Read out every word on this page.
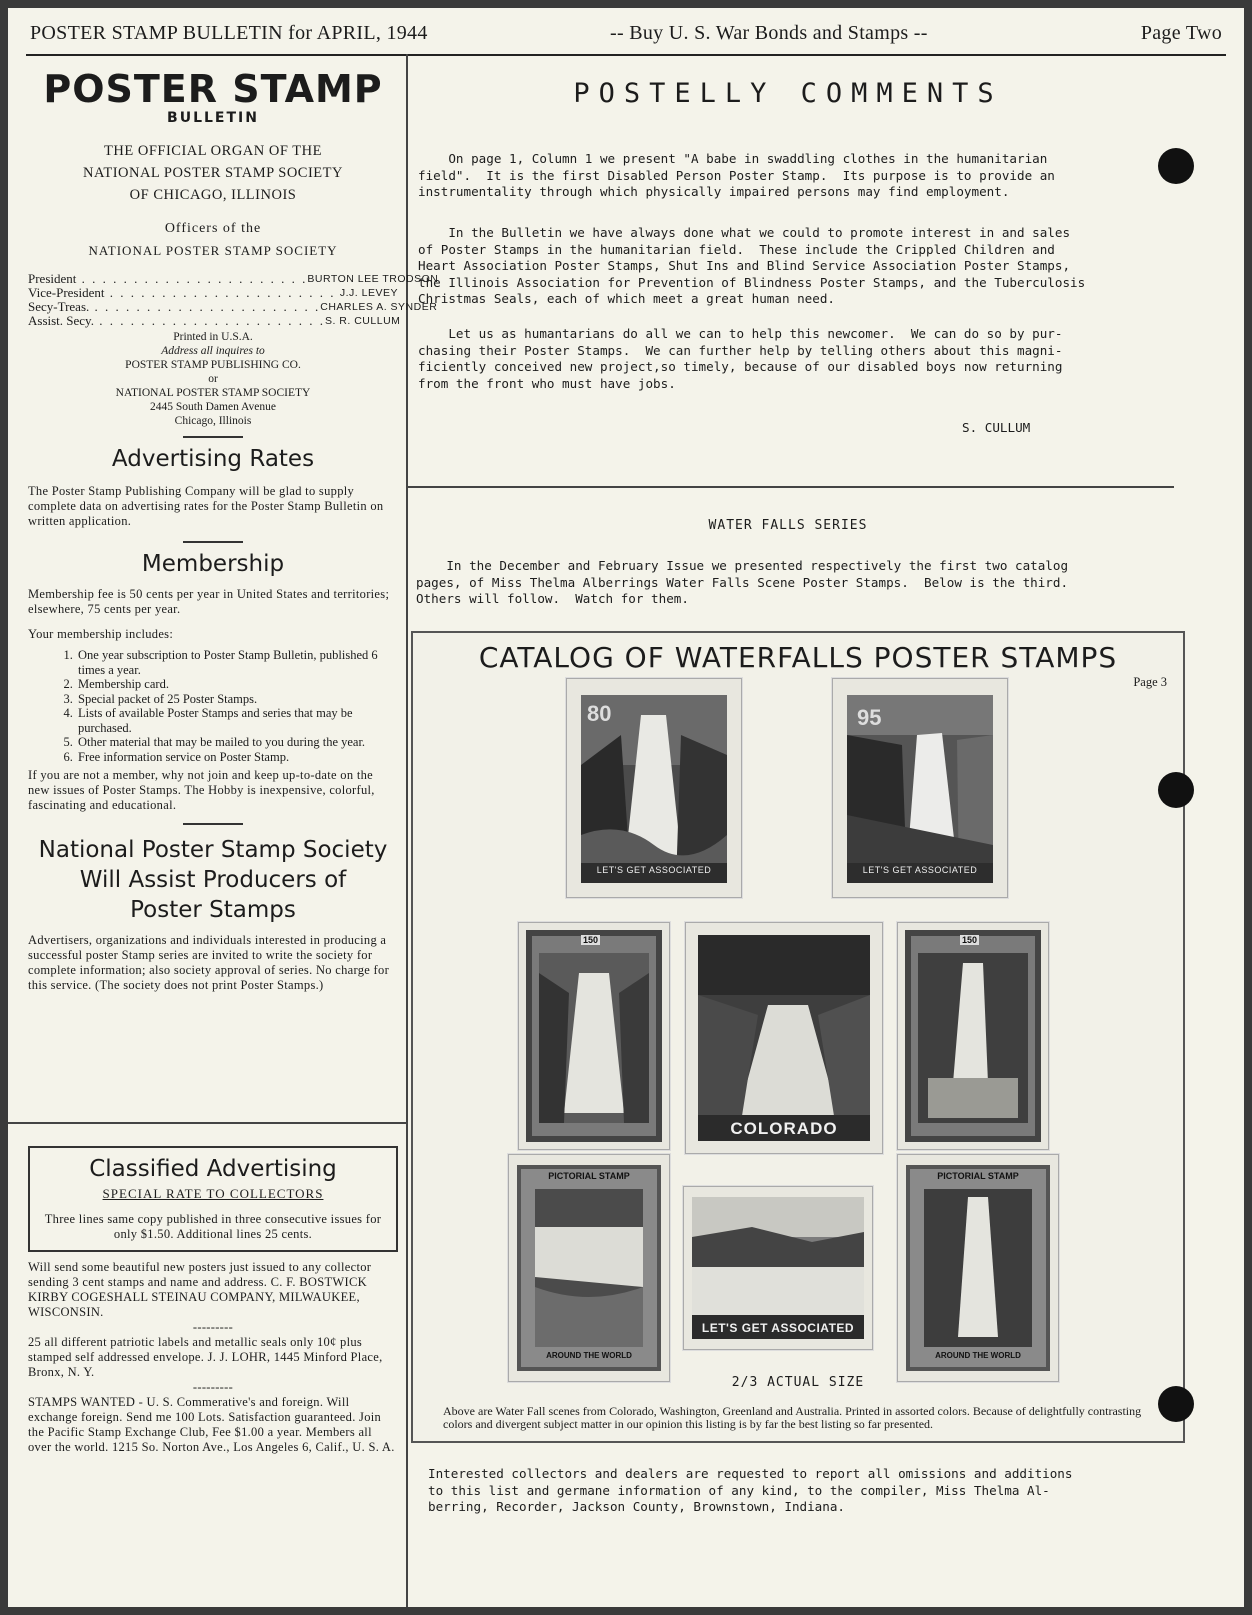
POSTER STAMP BULLETIN for APRIL, 1944	-- Buy U. S. War Bonds and Stamps --	Page Two
POSTER STAMP
BULLETIN
THE OFFICIAL ORGAN OF THE
NATIONAL POSTER STAMP SOCIETY
OF CHICAGO, ILLINOIS
Officers of the
NATIONAL POSTER STAMP SOCIETY
President . . . . . . . . . . . . . . . . . . . . . . BURTON LEE TRODSON
Vice-President . . . . . . . . . . . . . . . . . . . . . . J.J. LEVEY
Secy-Treas. . . . . . . . . . . . . . . . . . . . . . . CHARLES A. SYNDER
Assist. Secy. . . . . . . . . . . . . . . . . . . . . . . S. R. CULLUM
Printed in U.S.A.
Address all inquires to
POSTER STAMP PUBLISHING CO.
or
NATIONAL POSTER STAMP SOCIETY
2445 South Damen Avenue
Chicago, Illinois
Advertising Rates
The Poster Stamp Publishing Company will be glad to supply complete data on advertising rates for the Poster Stamp Bulletin on written application.
Membership
Membership fee is 50 cents per year in United States and territories; elsewhere, 75 cents per year.
Your membership includes:
1. One year subscription to Poster Stamp Bulletin, published 6 times a year.
2. Membership card.
3. Special packet of 25 Poster Stamps.
4. Lists of available Poster Stamps and series that may be purchased.
5. Other material that may be mailed to you during the year.
6. Free information service on Poster Stamp.
If you are not a member, why not join and keep up-to-date on the new issues of Poster Stamps. The Hobby is inexpensive, colorful, fascinating and educational.
National Poster Stamp Society
Will Assist Producers of
Poster Stamps
Advertisers, organizations and individuals interested in producing a successful poster Stamp series are invited to write the society for complete information; also society approval of series. No charge for this service. (The society does not print Poster Stamps.)
Classified Advertising
SPECIAL RATE TO COLLECTORS
Three lines same copy published in three consecutive issues for only $1.50. Additional lines 25 cents.
Will send some beautiful new posters just issued to any collector sending 3 cent stamps and name and address. C. F. BOSTWICK KIRBY COGESHALL STEINAU COMPANY, MILWAUKEE, WISCONSIN.
---------
25 all different patriotic labels and metallic seals only 10¢ plus stamped self addressed envelope. J. J. LOHR, 1445 Minford Place, Bronx, N. Y.
---------
STAMPS WANTED - U. S. Commerative's and foreign. Will exchange foreign. Send me 100 Lots. Satisfaction guaranteed. Join the Pacific Stamp Exchange Club, Fee $1.00 a year. Members all over the world. 1215 So. Norton Ave., Los Angeles 6, Calif., U. S. A.
POSTELLY COMMENTS
On page 1, Column 1 we present "A babe in swaddling clothes in the humanitarian
field".  It is the first Disabled Person Poster Stamp.  Its purpose is to provide an
instrumentality through which physically impaired persons may find employment.
In the Bulletin we have always done what we could to promote interest in and sales
of Poster Stamps in the humanitarian field.  These include the Crippled Children and
Heart Association Poster Stamps, Shut Ins and Blind Service Association Poster Stamps,
the Illinois Association for Prevention of Blindness Poster Stamps, and the Tuberculosis
Christmas Seals, each of which meet a great human need.
Let us as humantarians do all we can to help this newcomer.  We can do so by pur-
chasing their Poster Stamps.  We can further help by telling others about this magni-
ficiently conceived new project,so timely, because of our disabled boys now returning
from the front who must have jobs.
S. CULLUM
WATER FALLS SERIES
In the December and February Issue we presented respectively the first two catalog
pages, of Miss Thelma Alberrings Water Falls Scene Poster Stamps.  Below is the third.
Others will follow.  Watch for them.
CATALOG OF WATERFALLS POSTER STAMPS
Page 3
80
LET'S GET ASSOCIATED
95
LET'S GET ASSOCIATED
150
COLORADO
150
PICTORIAL STAMP
AROUND THE WORLD
LET'S GET ASSOCIATED
PICTORIAL STAMP
AROUND THE WORLD
2/3 ACTUAL SIZE
Above are Water Fall scenes from Colorado, Washington, Greenland and Australia. Printed in assorted colors. Because of delightfully contrasting colors and divergent subject matter in our opinion this listing is by far the best listing so far presented.
Interested collectors and dealers are requested to report all omissions and additions
to this list and germane information of any kind, to the compiler, Miss Thelma Al-
berring, Recorder, Jackson County, Brownstown, Indiana.
